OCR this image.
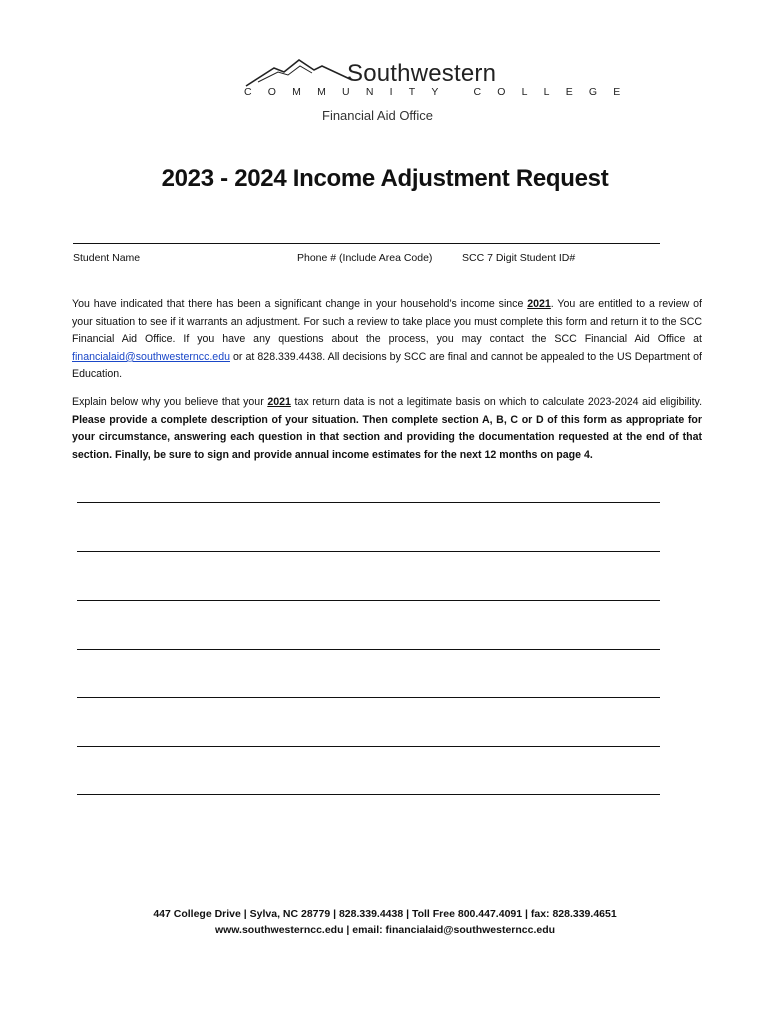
Southwestern
COMMUNITY COLLEGE
Financial Aid Office
2023 - 2024 Income Adjustment Request
Student Name	Phone # (Include Area Code)	SCC 7 Digit Student ID#
You have indicated that there has been a significant change in your household’s income since 2021. You are entitled to a review of your situation to see if it warrants an adjustment. For such a review to take place you must complete this form and return it to the SCC Financial Aid Office. If you have any questions about the process, you may contact the SCC Financial Aid Office at financialaid@southwesterncc.edu or at 828.339.4438. All decisions by SCC are final and cannot be appealed to the US Department of Education.
Explain below why you believe that your 2021 tax return data is not a legitimate basis on which to calculate 2023-2024 aid eligibility. Please provide a complete description of your situation. Then complete section A, B, C or D of this form as appropriate for your circumstance, answering each question in that section and providing the documentation requested at the end of that section. Finally, be sure to sign and provide annual income estimates for the next 12 months on page 4.
447 College Drive | Sylva, NC 28779 | 828.339.4438 | Toll Free 800.447.4091 | fax: 828.339.4651
www.southwesterncc.edu | email: financialaid@southwesterncc.edu
